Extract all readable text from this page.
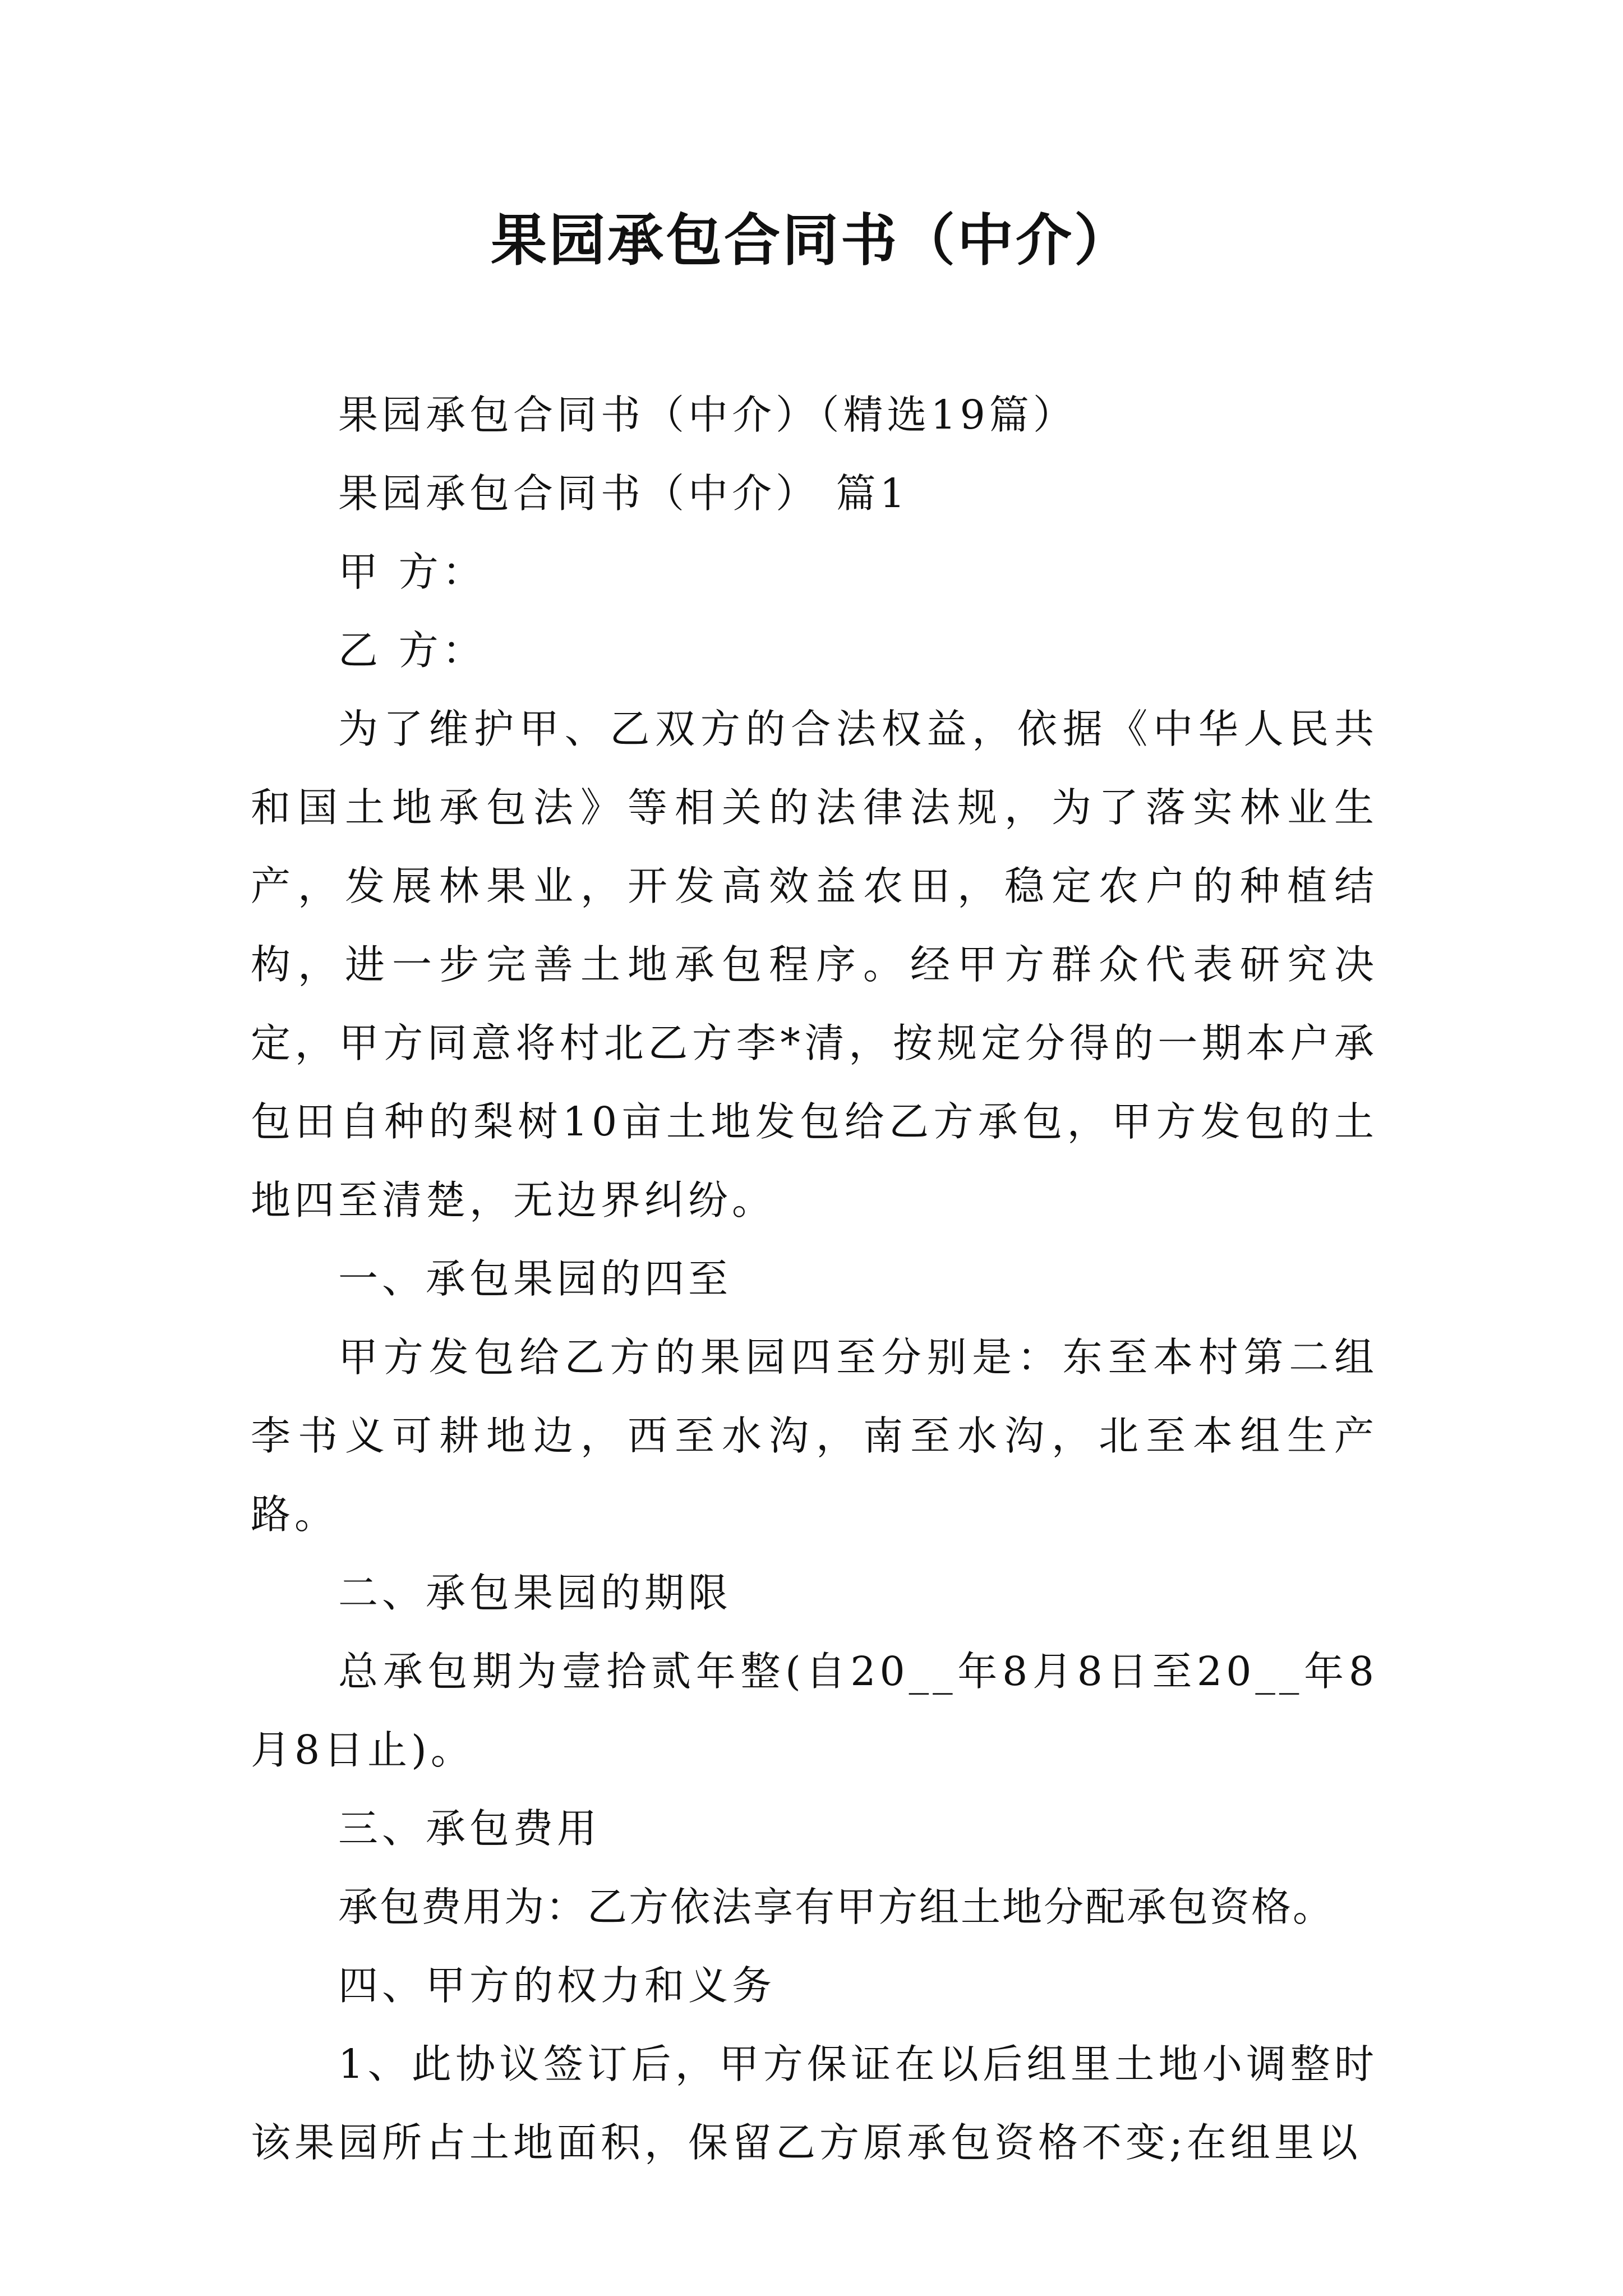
果园承包合同书（中介）

果园承包合同书（中介）（精选19篇）

果园承包合同书（中介） 篇1

甲 方：

乙 方：

为了维护甲、乙双方的合法权益，依据《中华人民共和国土地承包法》等相关的法律法规，为了落实林业生产，发展林果业，开发高效益农田，稳定农户的种植结构，进一步完善土地承包程序。经甲方群众代表研究决定，甲方同意将村北乙方李*清，按规定分得的一期本户承包田自种的梨树10亩土地发包给乙方承包，甲方发包的土地四至清楚，无边界纠纷。

一、承包果园的四至

甲方发包给乙方的果园四至分别是：东至本村第二组李书义可耕地边，西至水沟，南至水沟，北至本组生产路。

二、承包果园的期限

总承包期为壹拾贰年整(自20__年8月8日至20__年8月8日止)。

三、承包费用

承包费用为：乙方依法享有甲方组土地分配承包资格。

四、甲方的权力和义务

1、此协议签订后，甲方保证在以后组里土地小调整时该果园所占土地面积，保留乙方原承包资格不变;在组里以
